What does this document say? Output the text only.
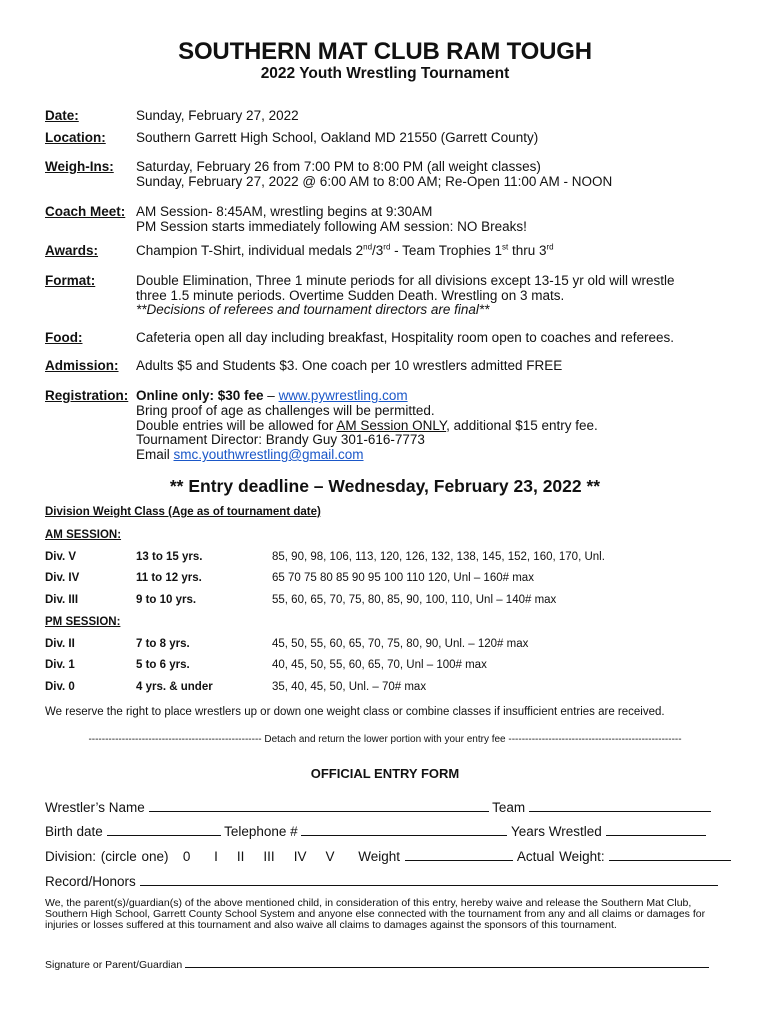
SOUTHERN MAT CLUB RAM TOUGH
2022 Youth Wrestling Tournament
Date:	Sunday, February 27, 2022
Location: Southern Garrett High School, Oakland MD 21550 (Garrett County)
Weigh-Ins: Saturday, February 26 from 7:00 PM to 8:00 PM (all weight classes)
Sunday, February 27, 2022 @ 6:00 AM to 8:00 AM; Re-Open 11:00 AM - NOON
Coach Meet: AM Session- 8:45AM, wrestling begins at 9:30AM
PM Session starts immediately following AM session: NO Breaks!
Awards:	Champion T-Shirt, individual medals 2nd/3rd - Team Trophies 1st thru 3rd
Format:	Double Elimination, Three 1 minute periods for all divisions except 13-15 yr old will wrestle
three 1.5 minute periods. Overtime Sudden Death. Wrestling on 3 mats.
**Decisions of referees and tournament directors are final**
Food:	Cafeteria open all day including breakfast, Hospitality room open to coaches and referees.
Admission: Adults $5 and Students $3. One coach per 10 wrestlers admitted FREE
Registration: Online only: $30 fee – www.pywrestling.com
Bring proof of age as challenges will be permitted.
Double entries will be allowed for AM Session ONLY, additional $15 entry fee.
Tournament Director: Brandy Guy 301-616-7773
Email smc.youthwrestling@gmail.com
** Entry deadline – Wednesday, February 23, 2022 **
Division Weight Class (Age as of tournament date)
AM SESSION:
Div. V	13 to 15 yrs.	85, 90, 98, 106, 113, 120, 126, 132, 138, 145, 152, 160, 170, Unl.
Div. IV	11 to 12 yrs.	65 70 75 80 85 90 95 100 110 120, Unl – 160# max
Div. III	9 to 10 yrs.	55, 60, 65, 70, 75, 80, 85, 90, 100, 110, Unl – 140# max
PM SESSION:
Div. II	7 to 8 yrs.	45, 50, 55, 60, 65, 70, 75, 80, 90, Unl. – 120# max
Div. 1	5 to 6 yrs.	40, 45, 50, 55, 60, 65, 70, Unl – 100# max
Div. 0	4 yrs. & under	35, 40, 45, 50, Unl. – 70# max
We reserve the right to place wrestlers up or down one weight class or combine classes if insufficient entries are received.
---------------------------------------------------- Detach and return the lower portion with your entry fee ----------------------------------------------------
OFFICIAL ENTRY FORM
Wrestler’s Name	Team
Birth date	Telephone #	Years Wrestled
Division: (circle one) 0 I II III IV V Weight	Actual Weight:
Record/Honors
We, the parent(s)/guardian(s) of the above mentioned child, in consideration of this entry, hereby waive and release the Southern Mat Club, Southern High School, Garrett County School System and anyone else connected with the tournament from any and all claims or damages for injuries or losses suffered at this tournament and also waive all claims to damages against the sponsors of this tournament.
Signature or Parent/Guardian
